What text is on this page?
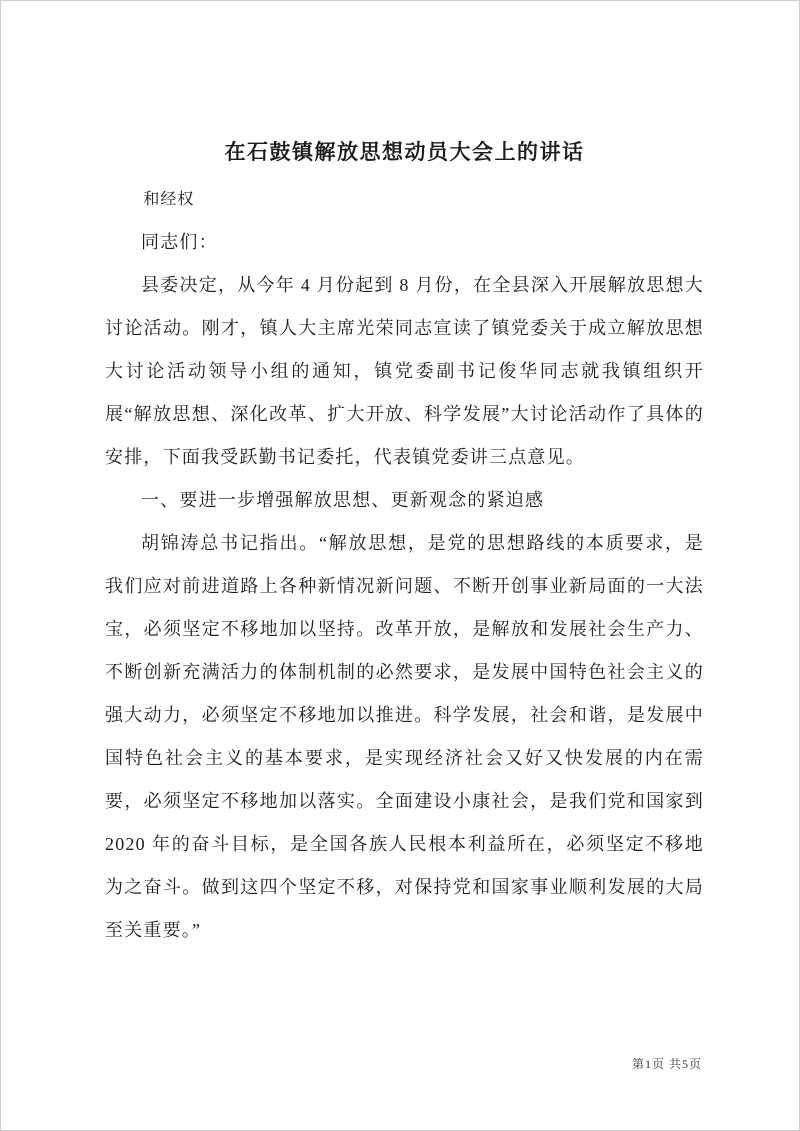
在石鼓镇解放思想动员大会上的讲话
和经权

同志们：

县委决定，从今年 4 月份起到 8 月份，在全县深入开展解放思想大讨论活动。刚才，镇人大主席光荣同志宣读了镇党委关于成立解放思想大讨论活动领导小组的通知，镇党委副书记俊华同志就我镇组织开展“解放思想、深化改革、扩大开放、科学发展”大讨论活动作了具体的安排，下面我受跃勤书记委托，代表镇党委讲三点意见。

一、要进一步增强解放思想、更新观念的紧迫感

胡锦涛总书记指出。“解放思想，是党的思想路线的本质要求，是我们应对前进道路上各种新情况新问题、不断开创事业新局面的一大法宝，必须坚定不移地加以坚持。改革开放，是解放和发展社会生产力、不断创新充满活力的体制机制的必然要求，是发展中国特色社会主义的强大动力，必须坚定不移地加以推进。科学发展，社会和谐，是发展中国特色社会主义的基本要求，是实现经济社会又好又快发展的内在需要，必须坚定不移地加以落实。全面建设小康社会，是我们党和国家到 2020 年的奋斗目标，是全国各族人民根本利益所在，必须坚定不移地为之奋斗。做到这四个坚定不移，对保持党和国家事业顺利发展的大局至关重要。”

第1页 共5页
